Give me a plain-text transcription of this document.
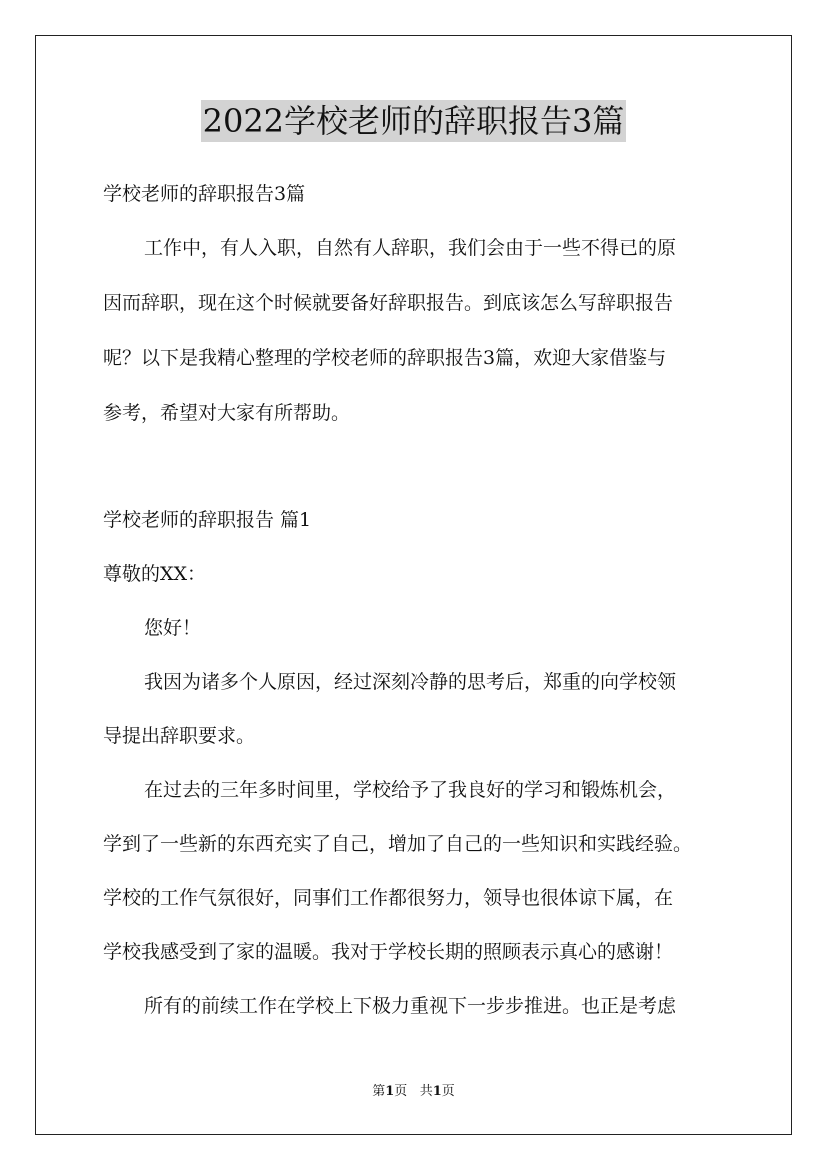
2022学校老师的辞职报告3篇
学校老师的辞职报告3篇
工作中，有人入职，自然有人辞职，我们会由于一些不得已的原
因而辞职，现在这个时候就要备好辞职报告。到底该怎么写辞职报告
呢？以下是我精心整理的学校老师的辞职报告3篇，欢迎大家借鉴与
参考，希望对大家有所帮助。
学校老师的辞职报告 篇1
尊敬的XX：
您好！
我因为诸多个人原因，经过深刻冷静的思考后，郑重的向学校领
导提出辞职要求。
在过去的三年多时间里，学校给予了我良好的学习和锻炼机会，
学到了一些新的东西充实了自己，增加了自己的一些知识和实践经验。
学校的工作气氛很好，同事们工作都很努力，领导也很体谅下属，在
学校我感受到了家的温暖。我对于学校长期的照顾表示真心的感谢！
所有的前续工作在学校上下极力重视下一步步推进。也正是考虑
第1页 共1页
